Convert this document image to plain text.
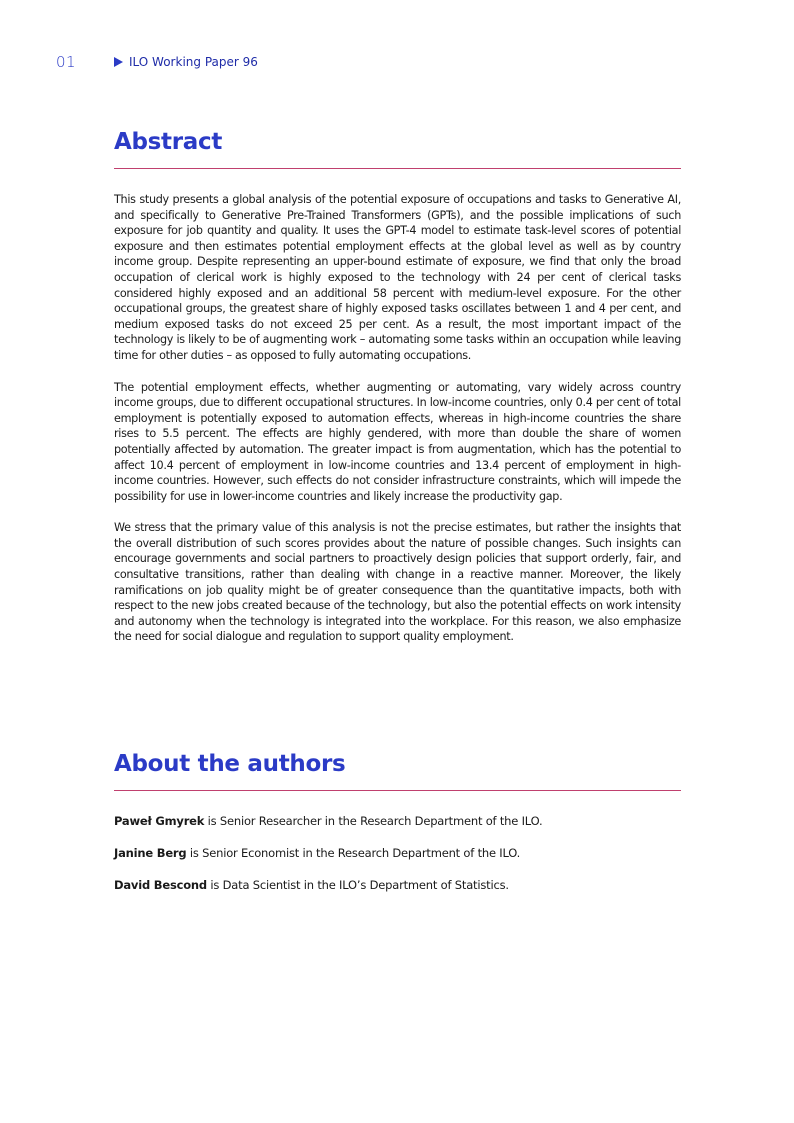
01	ILO Working Paper 96
Abstract

This study presents a global analysis of the potential exposure of occupations and tasks to Generative AI, and specifically to Generative Pre-Trained Transformers (GPTs), and the possible implications of such exposure for job quantity and quality. It uses the GPT-4 model to estimate task-level scores of potential exposure and then estimates potential employment effects at the global level as well as by country income group. Despite representing an upper-bound estimate of exposure, we find that only the broad occupation of clerical work is highly exposed to the technology with 24 per cent of clerical tasks considered highly exposed and an additional 58 percent with medium-level exposure. For the other occupational groups, the greatest share of highly exposed tasks oscillates between 1 and 4 per cent, and medium exposed tasks do not exceed 25 per cent. As a result, the most important impact of the technology is likely to be of augmenting work – automating some tasks within an occupation while leaving time for other duties – as opposed to fully automating occupations.

The potential employment effects, whether augmenting or automating, vary widely across country income groups, due to different occupational structures. In low-income countries, only 0.4 per cent of total employment is potentially exposed to automation effects, whereas in high-income countries the share rises to 5.5 percent. The effects are highly gendered, with more than double the share of women potentially affected by automation. The greater impact is from augmentation, which has the potential to affect 10.4 percent of employment in low-income countries and 13.4 percent of employment in high-income countries. However, such effects do not consider infrastructure constraints, which will impede the possibility for use in lower-income countries and likely increase the productivity gap.

We stress that the primary value of this analysis is not the precise estimates, but rather the insights that the overall distribution of such scores provides about the nature of possible changes. Such insights can encourage governments and social partners to proactively design policies that support orderly, fair, and consultative transitions, rather than dealing with change in a reactive manner. Moreover, the likely ramifications on job quality might be of greater consequence than the quantitative impacts, both with respect to the new jobs created because of the technology, but also the potential effects on work intensity and autonomy when the technology is integrated into the workplace. For this reason, we also emphasize the need for social dialogue and regulation to support quality employment.

About the authors

Paweł Gmyrek is Senior Researcher in the Research Department of the ILO.

Janine Berg is Senior Economist in the Research Department of the ILO.

David Bescond is Data Scientist in the ILO’s Department of Statistics.
